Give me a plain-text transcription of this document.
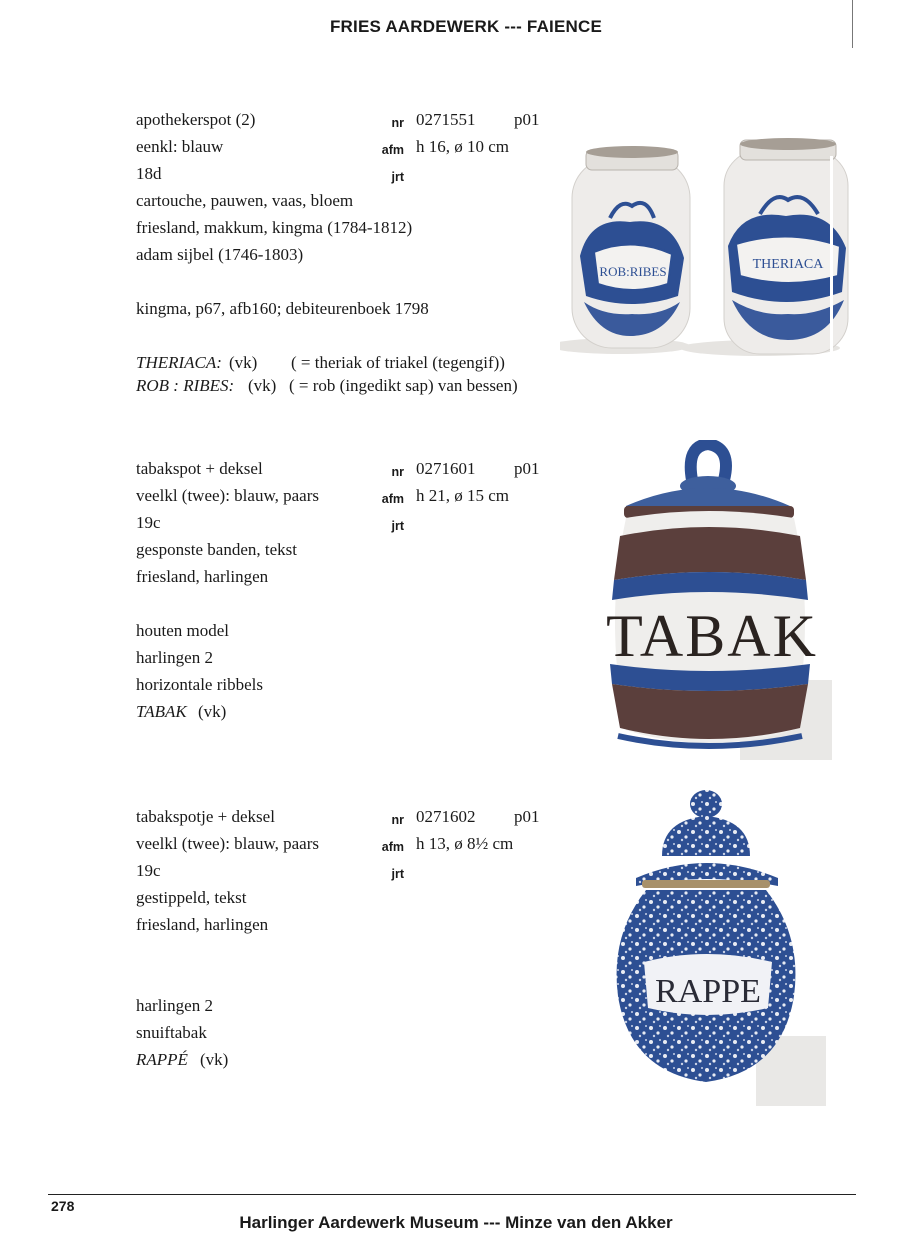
FRIES AARDEWERK --- FAIENCE
apothekerspot (2)	nr 0271551 p01
eenkl: blauw	afm h 16, ø 10 cm
18d	jrt
cartouche, pauwen, vaas, bloem
friesland, makkum, kingma (1784-1812)
adam sijbel (1746-1803)
kingma, p67, afb160; debiteurenboek 1798
THERIACA: (vk) ( = theriak of triakel (tegengif))
ROB : RIBES: (vk) ( = rob (ingedikt sap) van bessen)
ROB:RIBES	THERIACA
tabakspot + deksel	nr 0271601 p01
veelkl (twee): blauw, paars	afm h 21, ø 15 cm
19c	jrt
gesponste banden, tekst
friesland, harlingen
houten model
harlingen 2
horizontale ribbels
TABAK (vk)
TABAK
tabakspotje + deksel	nr 0271602 p01
veelkl (twee): blauw, paars	afm h 13, ø 8½ cm
19c	jrt
gestippeld, tekst
friesland, harlingen
harlingen 2
snuiftabak
RAPPÉ (vk)
RAPPE
278
Harlinger Aardewerk Museum --- Minze van den Akker
